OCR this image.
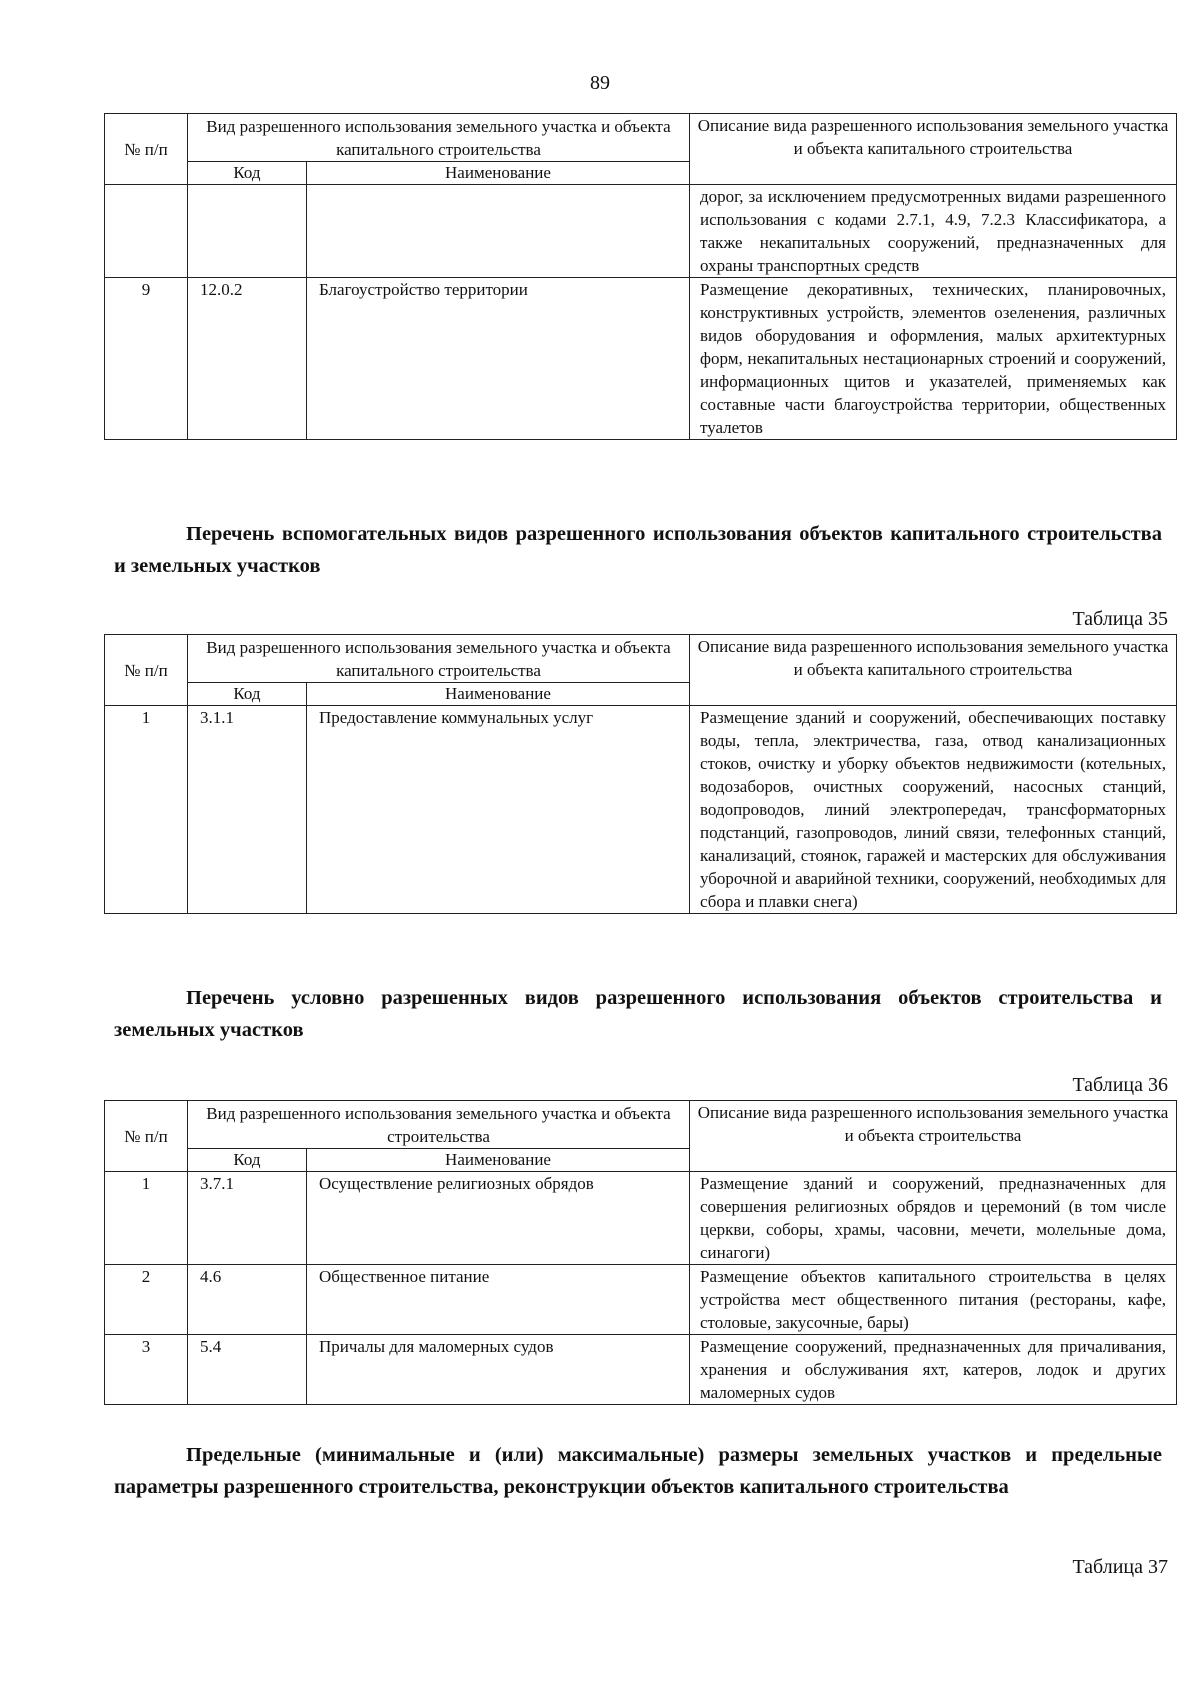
89
№ п/п	Вид разрешенного использования земельного участка и объекта капитального строительства		Описание вида разрешенного использования земельного участка и объекта капитального строительства
	Код	Наименование	
			дорог, за исключением предусмотренных видами разрешенного использования с кодами 2.7.1, 4.9, 7.2.3 Классификатора, а также некапитальных сооружений, предназначенных для охраны транспортных средств
9	12.0.2	Благоустройство территории	Размещение декоративных, технических, планировочных, конструктивных устройств, элементов озеленения, различных видов оборудования и оформления, малых архитектурных форм, некапитальных нестационарных строений и сооружений, информационных щитов и указателей, применяемых как составные части благоустройства территории, общественных туалетов
Перечень вспомогательных видов разрешенного использования объектов капитального строительства и земельных участков
Таблица 35
№ п/п	Вид разрешенного использования земельного участка и объекта капитального строительства		Описание вида разрешенного использования земельного участка и объекта капитального строительства
	Код	Наименование	
1	3.1.1	Предоставление коммунальных услуг	Размещение зданий и сооружений, обеспечивающих поставку воды, тепла, электричества, газа, отвод канализационных стоков, очистку и уборку объектов недвижимости (котельных, водозаборов, очистных сооружений, насосных станций, водопроводов, линий электропередач, трансформаторных подстанций, газопроводов, линий связи, телефонных станций, канализаций, стоянок, гаражей и мастерских для обслуживания уборочной и аварийной техники, сооружений, необходимых для сбора и плавки снега)
Перечень условно разрешенных видов разрешенного использования объектов строительства и земельных участков
Таблица 36
№ п/п	Вид разрешенного использования земельного участка и объекта строительства		Описание вида разрешенного использования земельного участка и объекта строительства
	Код	Наименование	
1	3.7.1	Осуществление религиозных обрядов	Размещение зданий и сооружений, предназначенных для совершения религиозных обрядов и церемоний (в том числе церкви, соборы, храмы, часовни, мечети, молельные дома, синагоги)
2	4.6	Общественное питание	Размещение объектов капитального строительства в целях устройства мест общественного питания (рестораны, кафе, столовые, закусочные, бары)
3	5.4	Причалы для маломерных судов	Размещение сооружений, предназначенных для причаливания, хранения и обслуживания яхт, катеров, лодок и других маломерных судов
Предельные (минимальные и (или) максимальные) размеры земельных участков и предельные параметры разрешенного строительства, реконструкции объектов капитального строительства
Таблица 37
